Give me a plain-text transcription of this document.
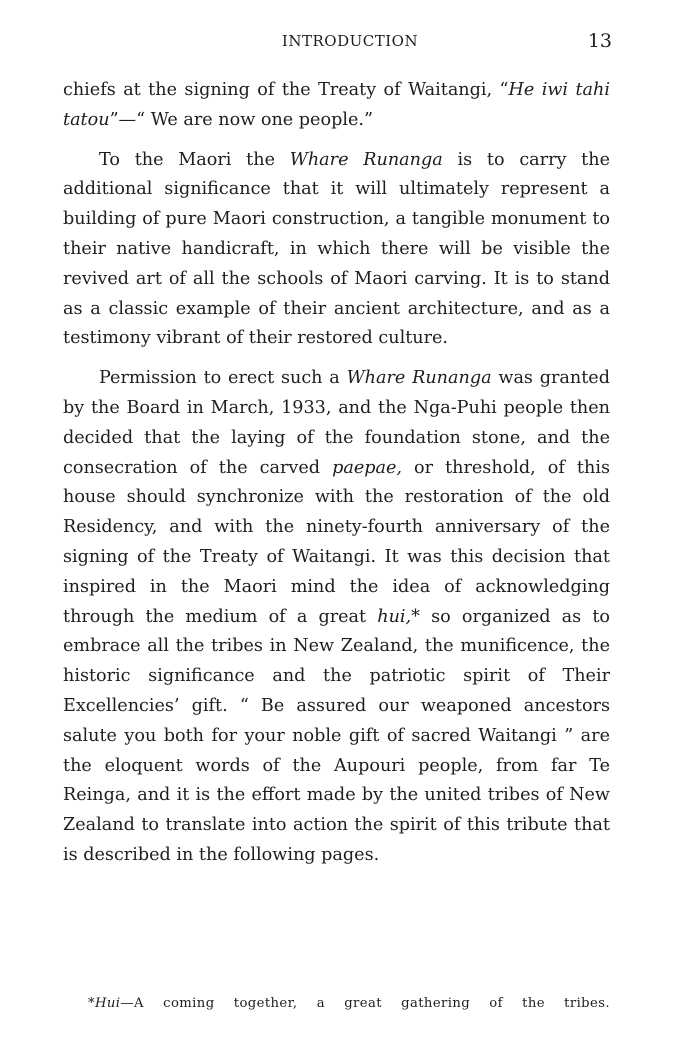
INTRODUCTION	13

chiefs at the signing of the Treaty of Waitangi, “He iwi tahi tatou”—“ We are now one people.”

To the Maori the Whare Runanga is to carry the additional significance that it will ultimately represent a building of pure Maori construction, a tangible monument to their native handicraft, in which there will be visible the revived art of all the schools of Maori carving. It is to stand as a classic example of their ancient architecture, and as a testimony vibrant of their restored culture.

Permission to erect such a Whare Runanga was granted by the Board in March, 1933, and the Nga-Puhi people then decided that the laying of the foundation stone, and the consecration of the carved paepae, or threshold, of this house should synchronize with the restoration of the old Residency, and with the ninety-fourth anniversary of the signing of the Treaty of Waitangi. It was this decision that inspired in the Maori mind the idea of acknowledging through the medium of a great hui,* so organized as to embrace all the tribes in New Zealand, the munificence, the historic significance and the patriotic spirit of Their Excellencies’ gift. “ Be assured our weaponed ancestors salute you both for your noble gift of sacred Waitangi ” are the eloquent words of the Aupouri people, from far Te Reinga, and it is the effort made by the united tribes of New Zealand to translate into action the spirit of this tribute that is described in the following pages.

*Hui—A coming together, a great gathering of the tribes.
